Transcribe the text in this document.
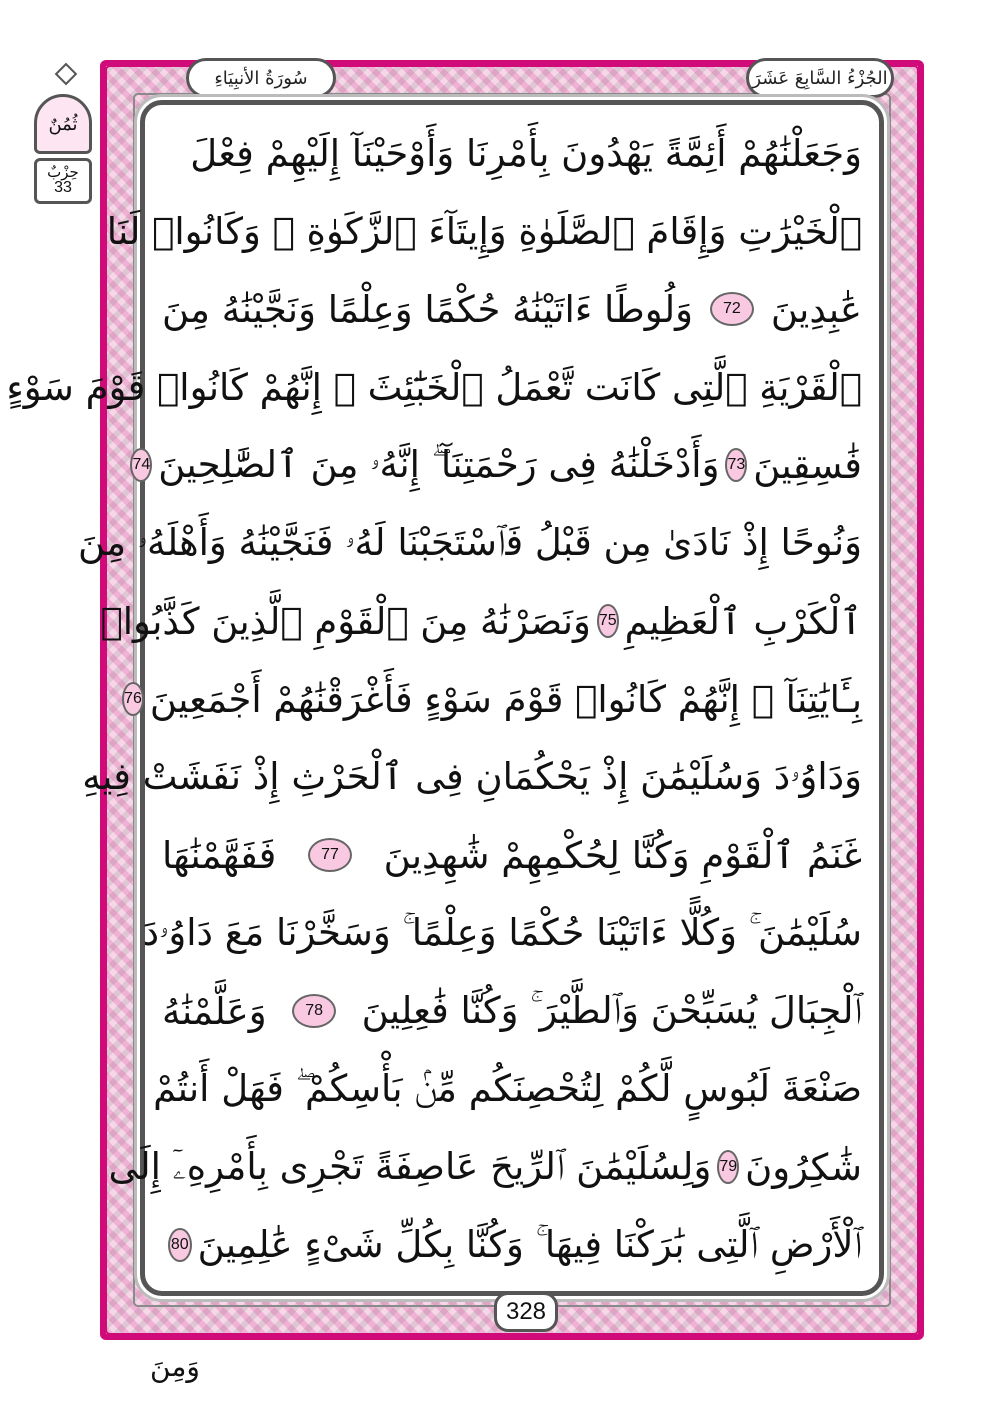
الجُزْءُ السَّابِعَ عَشَرَ
سُورَةُ الأنبِيَاءِ
ثُمُنٌ
حِزْبٌ
33
وَجَعَلْنَٰهُمْ أَئِمَّةً يَهْدُونَ بِأَمْرِنَا وَأَوْحَيْنَآ إِلَيْهِمْ فِعْلَ
ٱلْخَيْرَٰتِ وَإِقَامَ ٱلصَّلَوٰةِ وَإِيتَآءَ ٱلزَّكَوٰةِ ۖ وَكَانُوا۟ لَنَا
عَٰبِدِينَ
72
وَلُوطًا ءَاتَيْنَٰهُ حُكْمًا وَعِلْمًا وَنَجَّيْنَٰهُ مِنَ
ٱلْقَرْيَةِ ٱلَّتِى كَانَت تَّعْمَلُ ٱلْخَبَٰٓئِثَ ۗ إِنَّهُمْ كَانُوا۟ قَوْمَ سَوْءٍ
فَٰسِقِينَ
73
وَأَدْخَلْنَٰهُ فِى رَحْمَتِنَآ ۖ إِنَّهُۥ مِنَ ٱلصَّٰلِحِينَ
74
وَنُوحًا إِذْ نَادَىٰ مِن قَبْلُ فَٱسْتَجَبْنَا لَهُۥ فَنَجَّيْنَٰهُ وَأَهْلَهُۥ مِنَ
ٱلْكَرْبِ ٱلْعَظِيمِ
75
وَنَصَرْنَٰهُ مِنَ ٱلْقَوْمِ ٱلَّذِينَ كَذَّبُوا۟
بِـَٔايَٰتِنَآ ۚ إِنَّهُمْ كَانُوا۟ قَوْمَ سَوْءٍ فَأَغْرَقْنَٰهُمْ أَجْمَعِينَ
76
وَدَاوُۥدَ وَسُلَيْمَٰنَ إِذْ يَحْكُمَانِ فِى ٱلْحَرْثِ إِذْ نَفَشَتْ فِيهِ
غَنَمُ ٱلْقَوْمِ وَكُنَّا لِحُكْمِهِمْ شَٰهِدِينَ
77
فَفَهَّمْنَٰهَا
سُلَيْمَٰنَ ۚ وَكُلًّا ءَاتَيْنَا حُكْمًا وَعِلْمًا ۚ وَسَخَّرْنَا مَعَ دَاوُۥدَ
ٱلْجِبَالَ يُسَبِّحْنَ وَٱلطَّيْرَ ۚ وَكُنَّا فَٰعِلِينَ
78
وَعَلَّمْنَٰهُ
صَنْعَةَ لَبُوسٍ لَّكُمْ لِتُحْصِنَكُم مِّنۢ بَأْسِكُمْ ۖ فَهَلْ أَنتُمْ
شَٰكِرُونَ
79
وَلِسُلَيْمَٰنَ ٱلرِّيحَ عَاصِفَةً تَجْرِى بِأَمْرِهِۦٓ إِلَى
ٱلْأَرْضِ ٱلَّتِى بَٰرَكْنَا فِيهَا ۚ وَكُنَّا بِكُلِّ شَىْءٍ عَٰلِمِينَ
80
328
وَمِنَ
